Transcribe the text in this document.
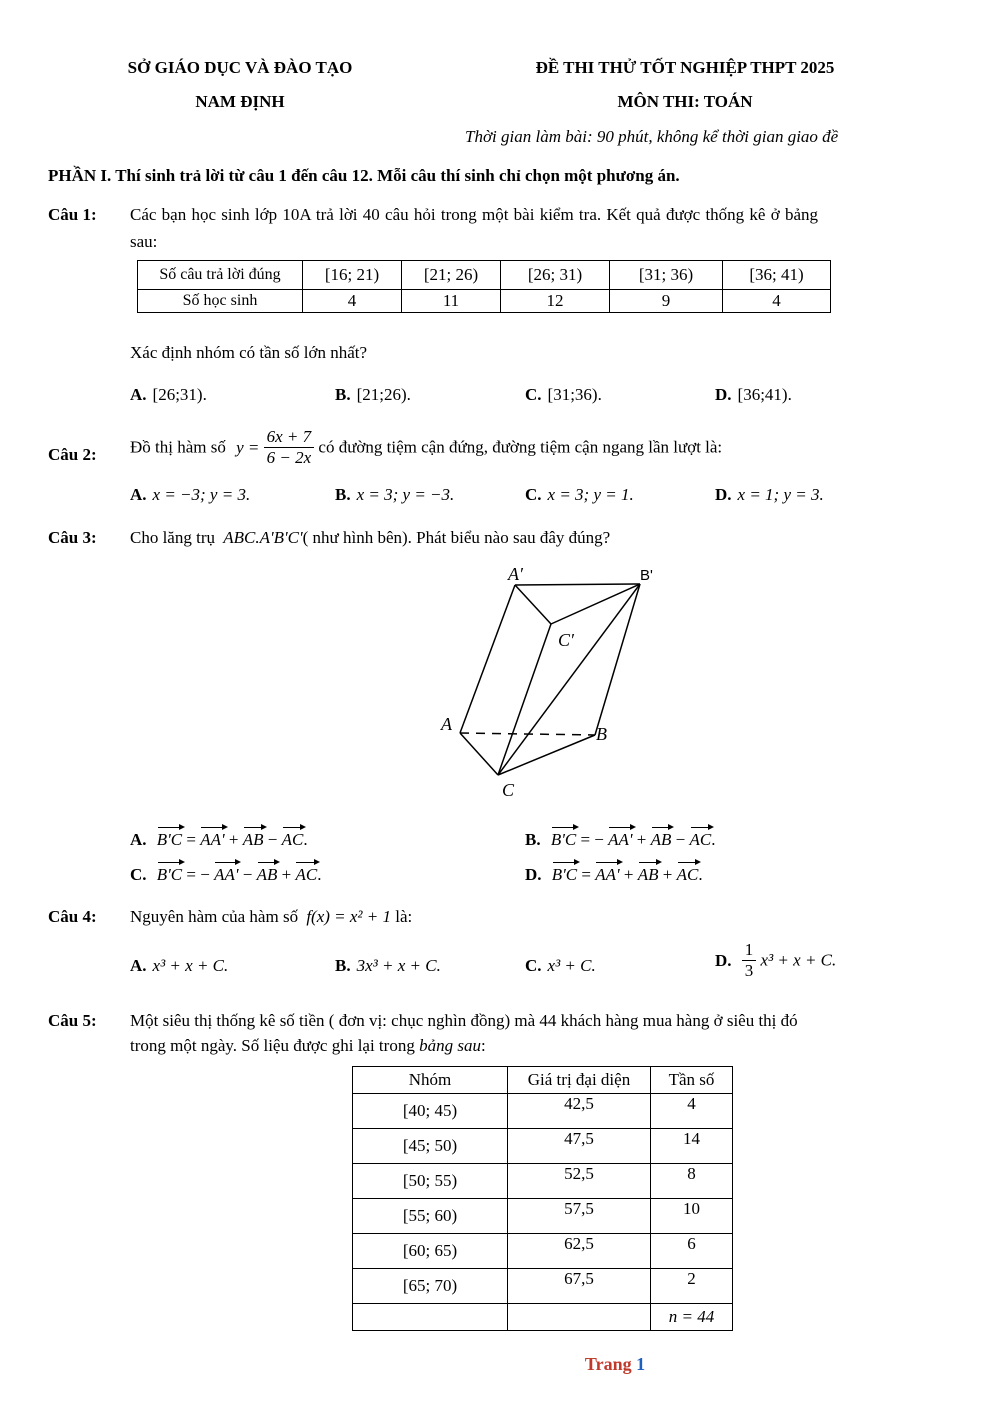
SỞ GIÁO DỤC VÀ ĐÀO TẠO
NAM ĐỊNH
ĐỀ THI THỬ TỐT NGHIỆP THPT 2025
MÔN THI: TOÁN
Thời gian làm bài: 90 phút, không kể thời gian giao đề
PHẦN I. Thí sinh trả lời từ câu 1 đến câu 12. Mỗi câu thí sinh chỉ chọn một phương án.
Câu 1: Các bạn học sinh lớp 10A trả lời 40 câu hỏi trong một bài kiểm tra. Kết quả được thống kê ở bảng
sau:
Số câu trả lời đúng	[16; 21)	[21; 26)	[26; 31)	[31; 36)	[36; 41)
Số học sinh	4	11	12	9	4
Xác định nhóm có tần số lớn nhất?
A. [26;31).	B. [21;26).	C. [31;36).	D. [36;41).
Câu 2: Đồ thị hàm số $y = \frac{6x + 7}{6 - 2x}$ có đường tiệm cận đứng, đường tiệm cận ngang lần lượt là:
A. x = −3; y = 3.	B. x = 3; y = −3.	C. x = 3; y = 1.	D. x = 1; y = 3.
Câu 3: Cho lăng trụ ABC.A'B'C'( như hình bên). Phát biểu nào sau đây đúng?
A′	B'
C′
A	B
C
A. B'C = AA' + AB − AC.	B. B'C = − AA' + AB − AC.
C. B'C = − AA' − AB + AC.	D. B'C = AA' + AB + AC.
Câu 4: Nguyên hàm của hàm số f(x) = x² + 1 là:
A. x³ + x + C.	B. 3x³ + x + C.	C. x³ + C.	D. $\frac{1}{3} x^3 + x + C$.
Câu 5: Một siêu thị thống kê số tiền ( đơn vị: chục nghìn đồng) mà 44 khách hàng mua hàng ở siêu thị đó
trong một ngày. Số liệu được ghi lại trong bảng sau:
Nhóm	Giá trị đại diện	Tần số
[40; 45)	42,5	4
[45; 50)	47,5	14
[50; 55)	52,5	8
[55; 60)	57,5	10
[60; 65)	62,5	6
[65; 70)	67,5	2
		n = 44
Trang 1
